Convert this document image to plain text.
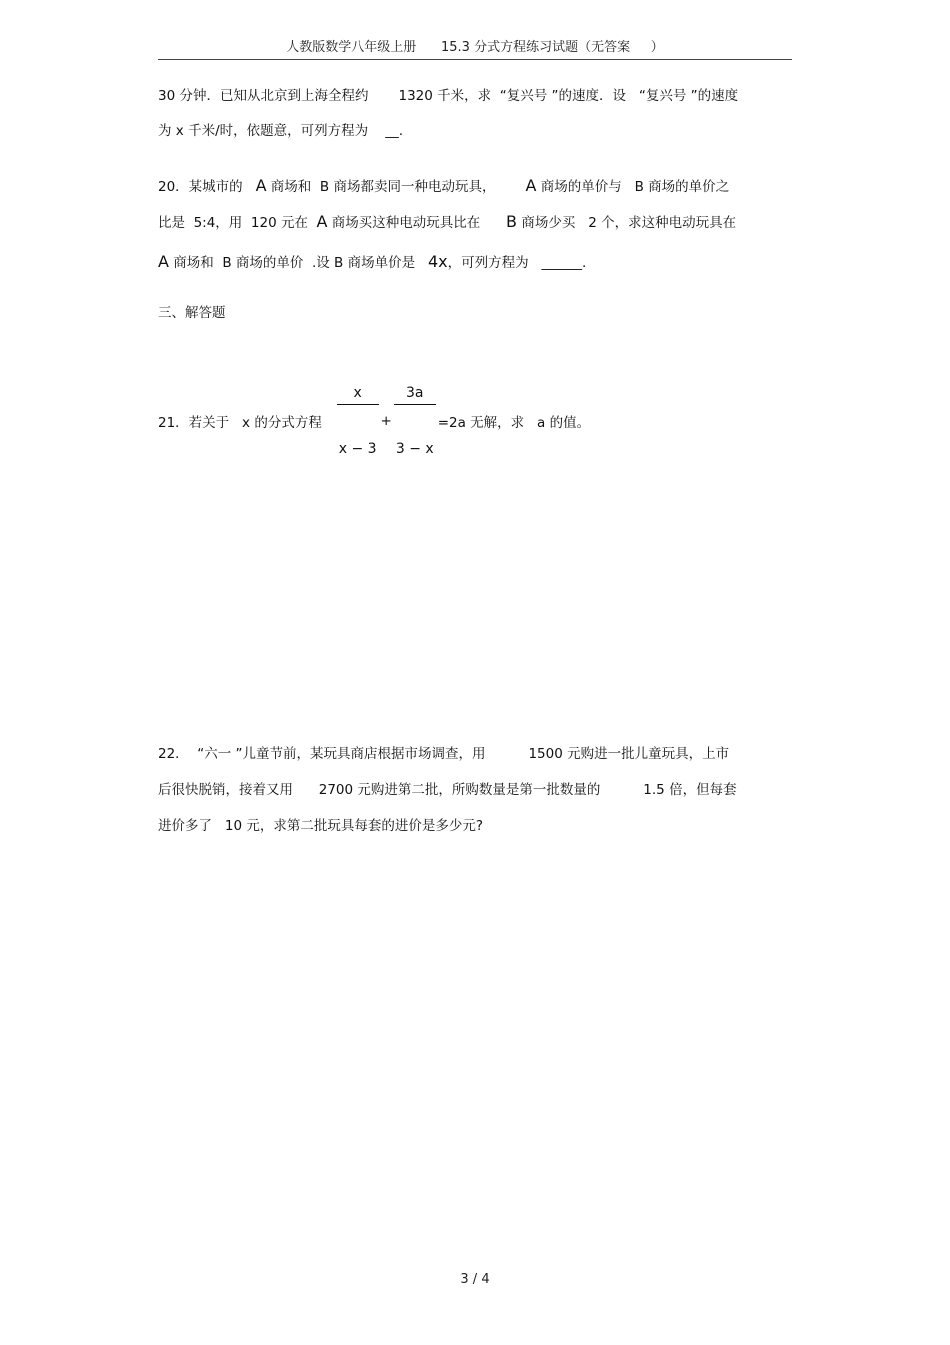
人教版数学八年级上册      15.3 分式方程练习试题（无答案     ）
30 分钟．已知从北京到上海全程约       1320 千米，求  “复兴号 ”的速度．设   “复兴号 ”的速度
为 x 千米/时，依题意，可列方程为    __.
20．某城市的   A 商场和  B 商场都卖同一种电动玩具，       A 商场的单价与   B 商场的单价之
比是  5:4，用  120 元在  A 商场买这种电动玩具比在      B 商场少买   2 个，求这种电动玩具在
A 商场和  B 商场的单价  .设 B 商场单价是   4x，可列方程为   ______.
三、解答题
21．若关于   x 的分式方程

$\frac{x}{x - 3}$

+

$\frac{3a}{3 - x}$

=2a 无解，求   a 的值。
22．  “六一 ”儿童节前，某玩具商店根据市场调查，用          1500 元购进一批儿童玩具，上市
后很快脱销，接着又用      2700 元购进第二批，所购数量是第一批数量的          1.5 倍，但每套
进价多了   10 元，求第二批玩具每套的进价是多少元?
3 / 4
